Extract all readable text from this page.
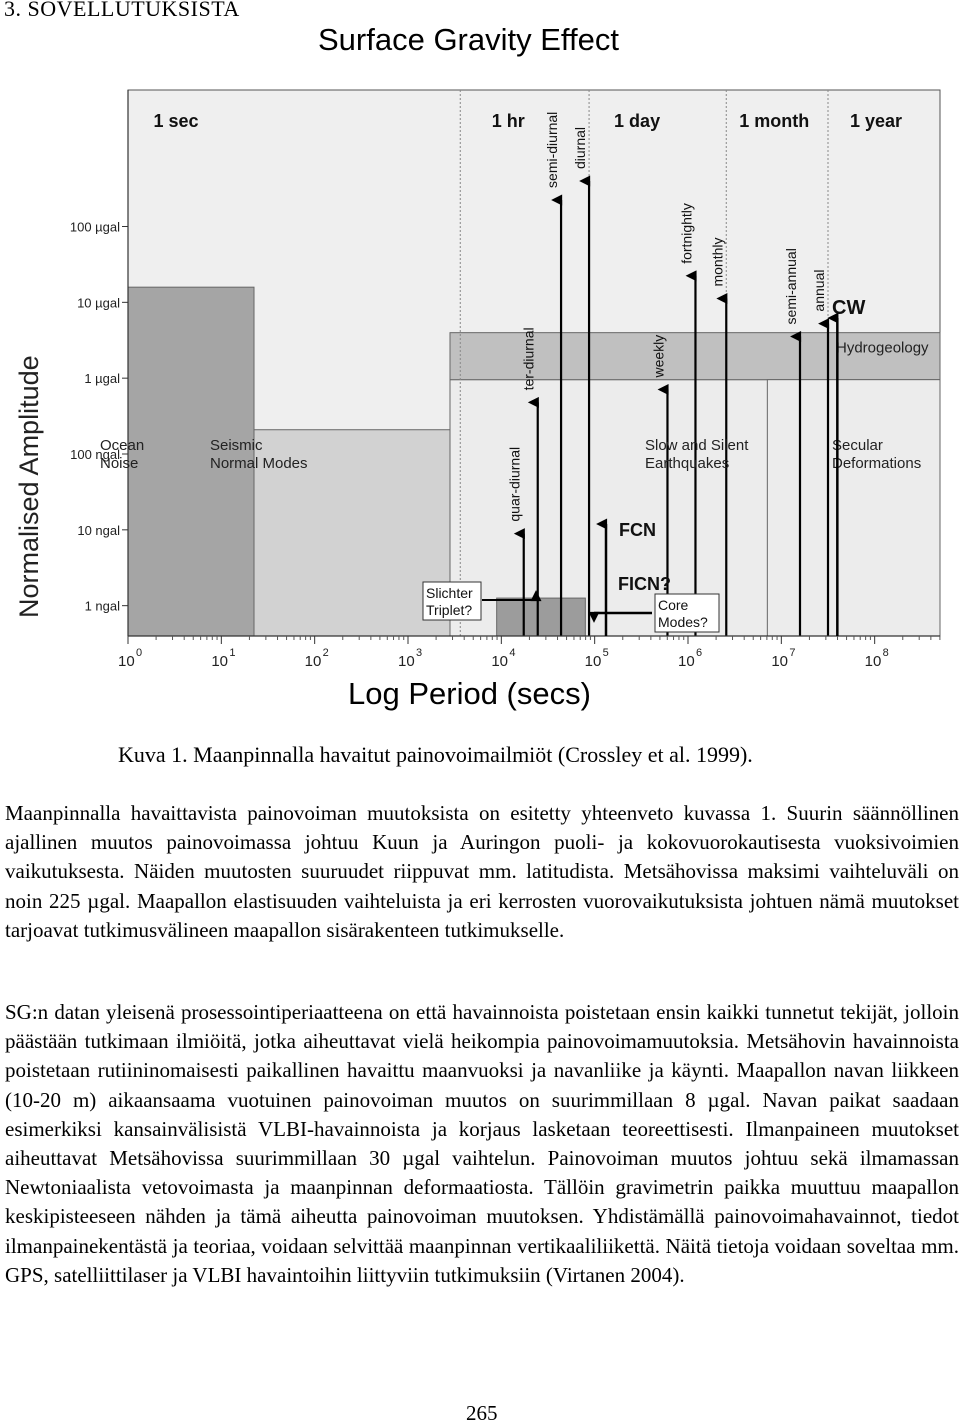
3. SOVELLUTUKSISTA
Surface Gravity Effect
1 sec	1 hr	1 day	1 month 1 year
quar-diurnal
ter-diurnal
semi-diurnal diurnal
weekly
fortnightly monthly	semi-annual annual
10 0	10 1	10 2	10 3	10 4	10 5	10 6	10 7	10 8
1 ngal
10 ngal
100 ngal
1 µgal
10 µgal
100 µgal
Ocean Noise
Seismic Normal Modes
Slow and Silent Earthquakes
Hydrogeology
Secular Deformations
Slichter Triplet?
FCN
FICN?
Core Modes?
CW
Normalised Amplitude
Log Period (secs)
Kuva 1. Maanpinnalla havaitut painovoimailmiöt (Crossley et al. 1999).
Maanpinnalla havaittavista painovoiman muutoksista on esitetty yhteenveto kuvassa 1. Suurin säännöllinen ajallinen muutos painovoimassa johtuu Kuun ja Auringon puoli- ja kokovuorokautisesta vuoksivoimien vaikutuksesta. Näiden muutosten suuruudet riippuvat mm. latitudista. Metsähovissa maksimi vaihteluväli on noin 225 µgal. Maapallon elastisuuden vaihteluista ja eri kerrosten vuorovaikutuksista johtuen nämä muutokset tarjoavat tutkimusvälineen maapallon sisärakenteen tutkimukselle.
SG:n datan yleisenä prosessointiperiaatteena on että havainnoista poistetaan ensin kaikki tunnetut tekijät, jolloin päästään tutkimaan ilmiöitä, jotka aiheuttavat vielä heikompia painovoimamuutoksia. Metsähovin havainnoista poistetaan rutiininomaisesti paikallinen havaittu maanvuoksi ja navanliike ja käynti. Maapallon navan liikkeen (10-20 m) aikaansaama vuotuinen painovoiman muutos on suurimmillaan 8 µgal. Navan paikat saadaan esimerkiksi kansainvälisistä VLBI-havainnoista ja korjaus lasketaan teoreettisesti. Ilmanpaineen muutokset aiheuttavat Metsähovissa suurimmillaan 30 µgal vaihtelun. Painovoiman muutos johtuu sekä ilmamassan Newtoniaalista vetovoimasta ja maanpinnan deformaatiosta. Tällöin gravimetrin paikka muuttuu maapallon keskipisteeseen nähden ja tämä aiheutta painovoiman muutoksen. Yhdistämällä painovoimahavainnot, tiedot ilmanpainekentästä ja teoriaa, voidaan selvittää maanpinnan vertikaaliliikettä. Näitä tietoja voidaan soveltaa mm. GPS, satelliittilaser ja VLBI havaintoihin liittyviin tutkimuksiin (Virtanen 2004).
265
